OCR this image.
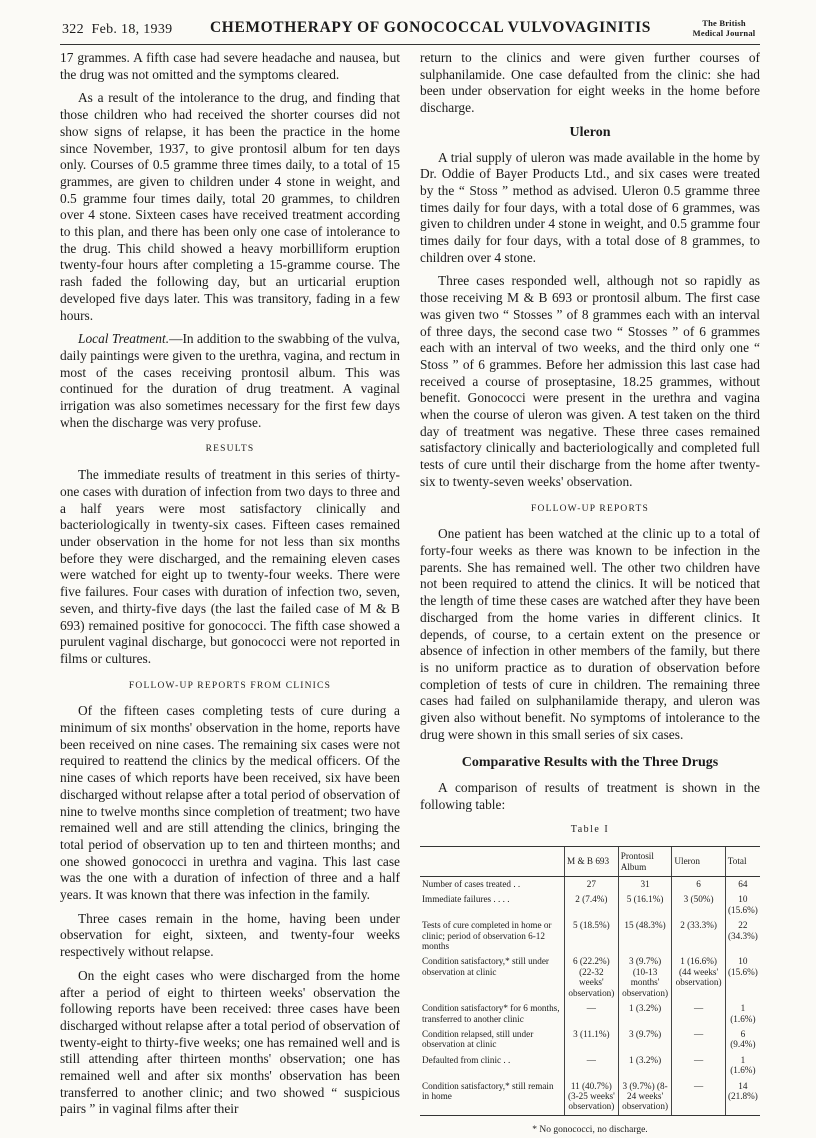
322 Feb. 18, 1939 CHEMOTHERAPY OF GONOCOCCAL VULVOVAGINITIS	The British
Medical Journal

17 grammes. A fifth case had severe headache and nausea, but the drug was not omitted and the symptoms cleared.

As a result of the intolerance to the drug, and finding that those children who had received the shorter courses did not show signs of relapse, it has been the practice in the home since November, 1937, to give prontosil album for ten days only. Courses of 0.5 gramme three times daily, to a total of 15 grammes, are given to children under 4 stone in weight, and 0.5 gramme four times daily, total 20 grammes, to children over 4 stone. Sixteen cases have received treatment according to this plan, and there has been only one case of intolerance to the drug. This child showed a heavy morbilliform eruption twenty-four hours after completing a 15-gramme course. The rash faded the following day, but an urticarial eruption developed five days later. This was transitory, fading in a few hours.

Local Treatment.—In addition to the swabbing of the vulva, daily paintings were given to the urethra, vagina, and rectum in most of the cases receiving prontosil album. This was continued for the duration of drug treatment. A vaginal irrigation was also sometimes necessary for the first few days when the discharge was very profuse.

RESULTS

The immediate results of treatment in this series of thirty-one cases with duration of infection from two days to three and a half years were most satisfactory clinically and bacteriologically in twenty-six cases. Fifteen cases remained under observation in the home for not less than six months before they were discharged, and the remaining eleven cases were watched for eight up to twenty-four weeks. There were five failures. Four cases with duration of infection two, seven, seven, and thirty-five days (the last the failed case of M & B 693) remained positive for gonococci. The fifth case showed a purulent vaginal discharge, but gonococci were not reported in films or cultures.

FOLLOW-UP REPORTS FROM CLINICS

Of the fifteen cases completing tests of cure during a minimum of six months' observation in the home, reports have been received on nine cases. The remaining six cases were not required to reattend the clinics by the medical officers. Of the nine cases of which reports have been received, six have been discharged without relapse after a total period of observation of nine to twelve months since completion of treatment; two have remained well and are still attending the clinics, bringing the total period of observation up to ten and thirteen months; and one showed gonococci in urethra and vagina. This last case was the one with a duration of infection of three and a half years. It was known that there was infection in the family.

Three cases remain in the home, having been under observation for eight, sixteen, and twenty-four weeks respectively without relapse.

On the eight cases who were discharged from the home after a period of eight to thirteen weeks' observation the following reports have been received: three cases have been discharged without relapse after a total period of observation of twenty-eight to thirty-five weeks; one has remained well and is still attending after thirteen months' observation; one has remained well and after six months' observation has been transferred to another clinic; and two showed “ suspicious pairs ” in vaginal films after their

return to the clinics and were given further courses of sulphanilamide. One case defaulted from the clinic: she had been under observation for eight weeks in the home before discharge.

Uleron

A trial supply of uleron was made available in the home by Dr. Oddie of Bayer Products Ltd., and six cases were treated by the “ Stoss ” method as advised. Uleron 0.5 gramme three times daily for four days, with a total dose of 6 grammes, was given to children under 4 stone in weight, and 0.5 gramme four times daily for four days, with a total dose of 8 grammes, to children over 4 stone.

Three cases responded well, although not so rapidly as those receiving M & B 693 or prontosil album. The first case was given two “ Stosses ” of 8 grammes each with an interval of three days, the second case two “ Stosses ” of 6 grammes each with an interval of two weeks, and the third only one “ Stoss ” of 6 grammes. Before her admission this last case had received a course of proseptasine, 18.25 grammes, without benefit. Gonococci were present in the urethra and vagina when the course of uleron was given. A test taken on the third day of treatment was negative. These three cases remained satisfactory clinically and bacteriologically and completed full tests of cure until their discharge from the home after twenty-six to twenty-seven weeks' observation.

FOLLOW-UP REPORTS

One patient has been watched at the clinic up to a total of forty-four weeks as there was known to be infection in the parents. She has remained well. The other two children have not been required to attend the clinics. It will be noticed that the length of time these cases are watched after they have been discharged from the home varies in different clinics. It depends, of course, to a certain extent on the presence or absence of infection in other members of the family, but there is no uniform practice as to duration of observation before completion of tests of cure in children. The remaining three cases had failed on sulphanilamide therapy, and uleron was given also without benefit. No symptoms of intolerance to the drug were shown in this small series of six cases.

Comparative Results with the Three Drugs

A comparison of results of treatment is shown in the following table:

Table I
	M & B 693	Prontosil Album	Uleron	Total
Number of cases treated . .	27	31	6	64
Immediate failures . . . .	2 (7.4%)	5 (16.1%)	3 (50%)	10 (15.6%)
Tests of cure completed in home or clinic; period of observation 6-12 months	5 (18.5%)	15 (48.3%)	2 (33.3%)	22 (34.3%)
Condition satisfactory,* still under observation at clinic	6 (22.2%) (22-32 weeks' observation)	3 (9.7%) (10-13 months' observation)	1 (16.6%) (44 weeks' observation)	10 (15.6%)
Condition satisfactory* for 6 months, transferred to another clinic	—	1 (3.2%)	—	1 (1.6%)
Condition relapsed, still under observation at clinic	3 (11.1%)	3 (9.7%)	—	6 (9.4%)
Defaulted from clinic . .	—	1 (3.2%)	—	1 (1.6%)
Condition satisfactory,* still remain in home	11 (40.7%) (3-25 weeks' observation)	3 (9.7%) (8-24 weeks' observation)	—	14 (21.8%)
* No gonococci, no discharge.
